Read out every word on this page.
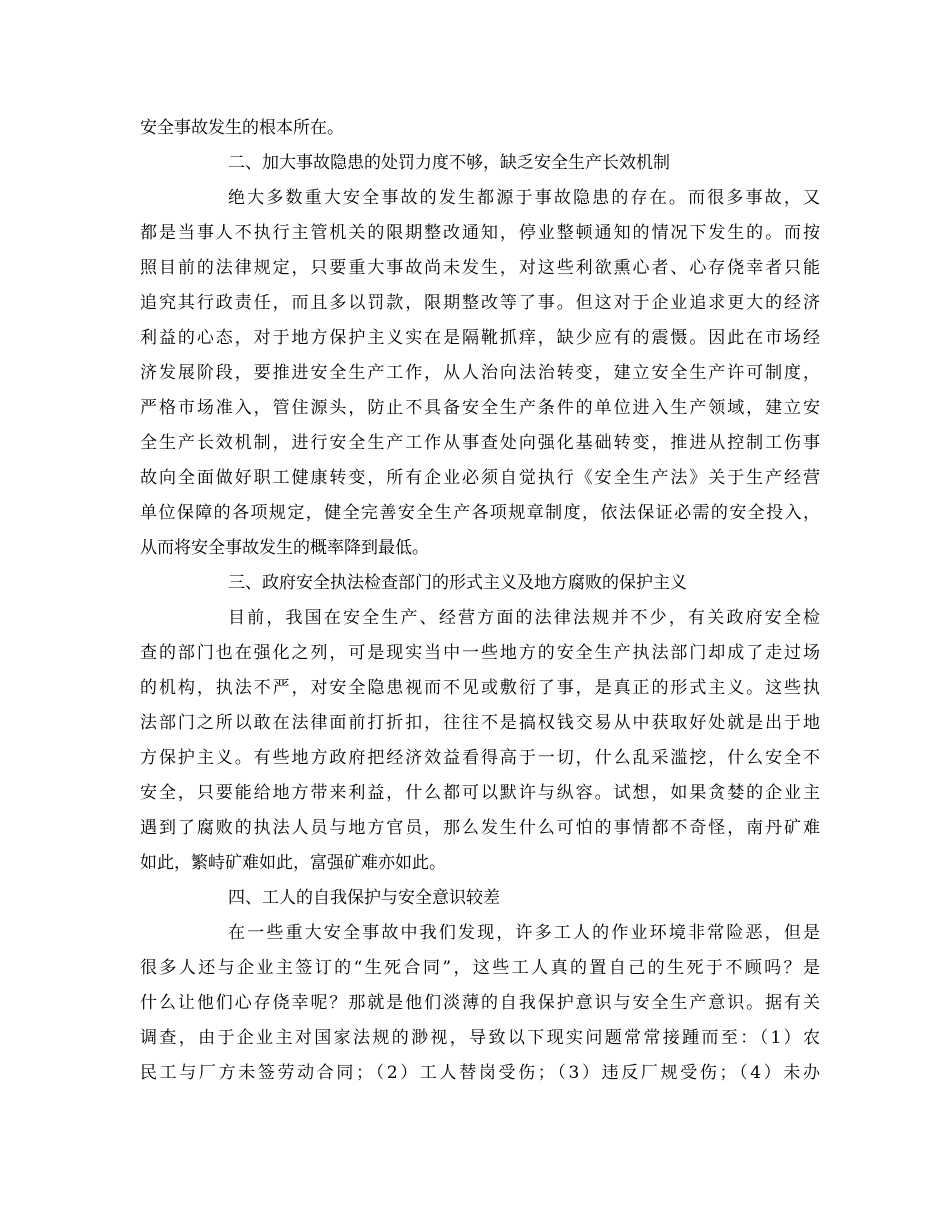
安全事故发生的根本所在。
二、加大事故隐患的处罚力度不够，缺乏安全生产长效机制
绝大多数重大安全事故的发生都源于事故隐患的存在。而很多事故，又
都是当事人不执行主管机关的限期整改通知，停业整顿通知的情况下发生的。而按
照目前的法律规定，只要重大事故尚未发生，对这些利欲熏心者、心存侥幸者只能
追究其行政责任，而且多以罚款，限期整改等了事。但这对于企业追求更大的经济
利益的心态，对于地方保护主义实在是隔靴抓痒，缺少应有的震慑。因此在市场经
济发展阶段，要推进安全生产工作，从人治向法治转变，建立安全生产许可制度，
严格市场准入，管住源头，防止不具备安全生产条件的单位进入生产领域，建立安
全生产长效机制，进行安全生产工作从事查处向强化基础转变，推进从控制工伤事
故向全面做好职工健康转变，所有企业必须自觉执行《安全生产法》关于生产经营
单位保障的各项规定，健全完善安全生产各项规章制度，依法保证必需的安全投入，
从而将安全事故发生的概率降到最低。
三、政府安全执法检查部门的形式主义及地方腐败的保护主义
目前，我国在安全生产、经营方面的法律法规并不少，有关政府安全检
查的部门也在强化之列，可是现实当中一些地方的安全生产执法部门却成了走过场
的机构，执法不严，对安全隐患视而不见或敷衍了事，是真正的形式主义。这些执
法部门之所以敢在法律面前打折扣，往往不是搞权钱交易从中获取好处就是出于地
方保护主义。有些地方政府把经济效益看得高于一切，什么乱采滥挖，什么安全不
安全，只要能给地方带来利益，什么都可以默许与纵容。试想，如果贪婪的企业主
遇到了腐败的执法人员与地方官员，那么发生什么可怕的事情都不奇怪，南丹矿难
如此，繁峙矿难如此，富强矿难亦如此。
四、工人的自我保护与安全意识较差
在一些重大安全事故中我们发现，许多工人的作业环境非常险恶，但是
很多人还与企业主签订的“生死合同”，这些工人真的置自己的生死于不顾吗？是
什么让他们心存侥幸呢？那就是他们淡薄的自我保护意识与安全生产意识。据有关
调查，由于企业主对国家法规的渺视，导致以下现实问题常常接踵而至：（1）农
民工与厂方未签劳动合同；（2）工人替岗受伤；（3）违反厂规受伤；（4）未办
